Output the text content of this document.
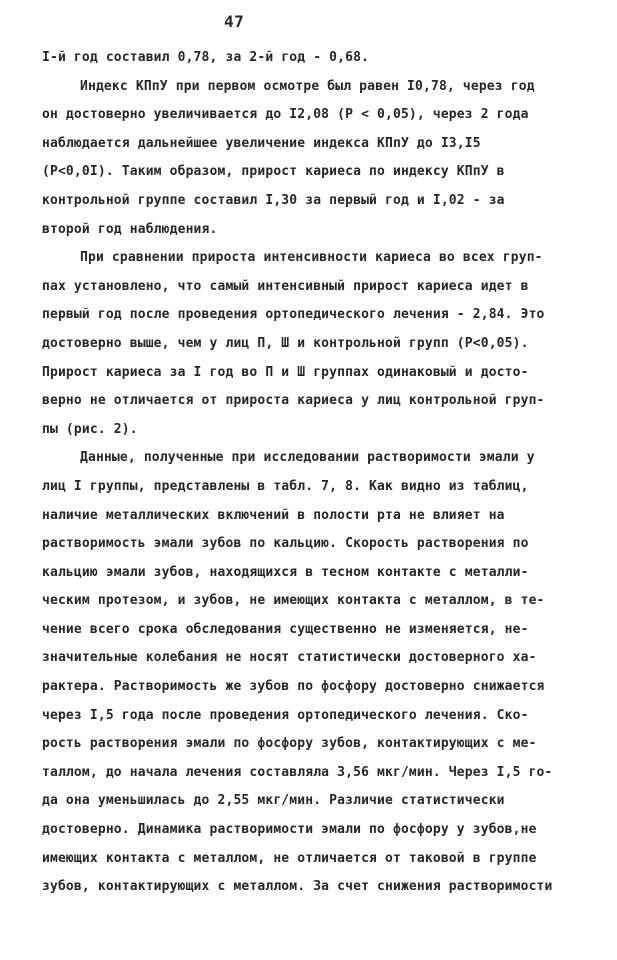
47
I-й год составил 0,78, за 2-й год - 0,68.
Индекс КПпУ при первом осмотре был равен I0,78, через год
он достоверно увеличивается до I2,08 (Р < 0,05), через 2 года
наблюдается дальнейшее увеличение индекса КПпУ до I3,I5
(Р<0,0I). Таким образом, прирост кариеса по индексу КПпУ в
контрольной группе составил I,30 за первый год и I,02 - за
второй год наблюдения.
При сравнении прироста интенсивности кариеса во всех груп-
пах установлено, что самый интенсивный прирост кариеса идет в
первый год после проведения ортопедического лечения - 2,84. Это
достоверно выше, чем у лиц П, Ш и контрольной групп (Р<0,05).
Прирост кариеса за I год во П и Ш группах одинаковый и досто-
верно не отличается от прироста кариеса у лиц контрольной груп-
пы (рис. 2).
Данные, полученные при исследовании растворимости эмали у
лиц I группы, представлены в табл. 7, 8. Как видно из таблиц,
наличие металлических включений в полости рта не влияет на
растворимость эмали зубов по кальцию. Скорость растворения по
кальцию эмали зубов, находящихся в тесном контакте с металли-
ческим протезом, и зубов, не имеющих контакта с металлом, в те-
чение всего срока обследования существенно не изменяется, не-
значительные колебания не носят статистически достоверного ха-
рактера. Растворимость же зубов по фосфору достоверно снижается
через I,5 года после проведения ортопедического лечения. Ско-
рость растворения эмали по фосфору зубов, контактирующих с ме-
таллом, до начала лечения составляла 3,56 мкг/мин. Через I,5 го-
да она уменьшилась до 2,55 мкг/мин. Различие статистически
достоверно. Динамика растворимости эмали по фосфору у зубов,не
имеющих контакта с металлом, не отличается от таковой в группе
зубов, контактирующих с металлом. За счет снижения растворимости
